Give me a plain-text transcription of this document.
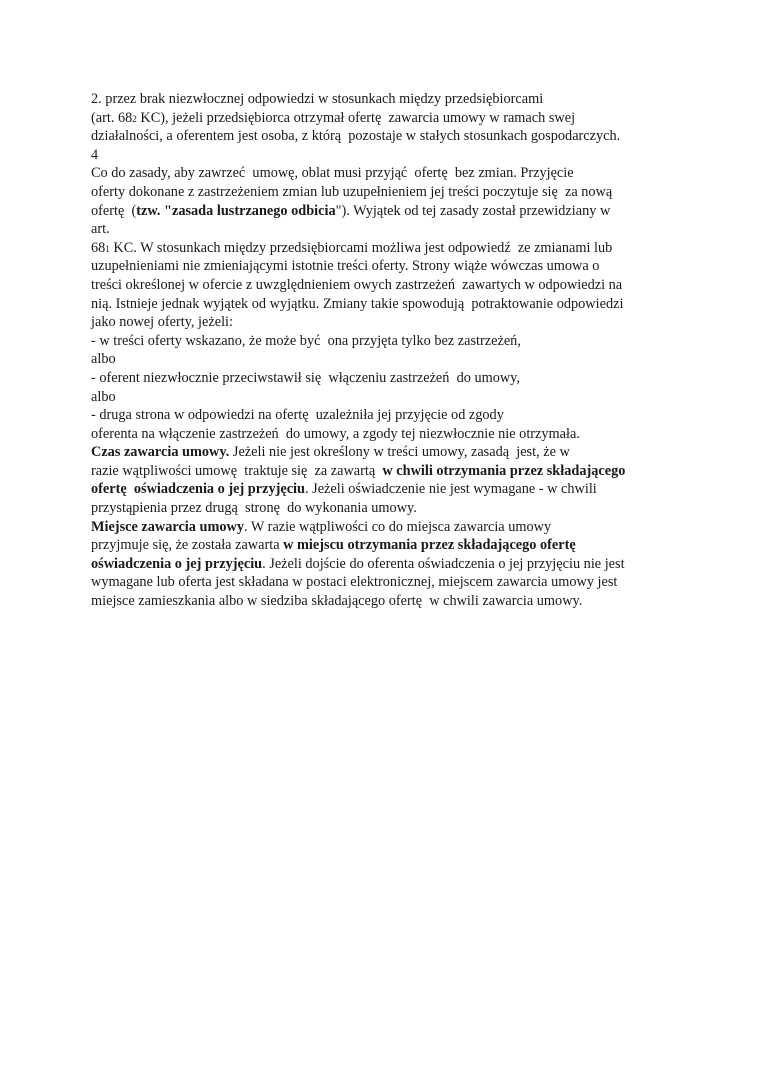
2. przez brak niezwłocznej odpowiedzi w stosunkach między przedsiębiorcami
(art. 682 KC), jeżeli przedsiębiorca otrzymał ofertę  zawarcia umowy w ramach swej
działalności, a oferentem jest osoba, z którą  pozostaje w stałych stosunkach gospodarczych.
4
Co do zasady, aby zawrzeć  umowę, oblat musi przyjąć  ofertę  bez zmian. Przyjęcie
oferty dokonane z zastrzeżeniem zmian lub uzupełnieniem jej treści poczytuje się  za nową
ofertę  (tzw. "zasada lustrzanego odbicia"). Wyjątek od tej zasady został przewidziany w
art.
681 KC. W stosunkach między przedsiębiorcami możliwa jest odpowiedź  ze zmianami lub
uzupełnieniami nie zmieniającymi istotnie treści oferty. Strony wiąże wówczas umowa o
treści określonej w ofercie z uwzględnieniem owych zastrzeżeń  zawartych w odpowiedzi na
nią. Istnieje jednak wyjątek od wyjątku. Zmiany takie spowodują  potraktowanie odpowiedzi
jako nowej oferty, jeżeli:
- w treści oferty wskazano, że może być  ona przyjęta tylko bez zastrzeżeń,
albo
- oferent niezwłocznie przeciwstawił się  włączeniu zastrzeżeń  do umowy,
albo
- druga strona w odpowiedzi na ofertę  uzależniła jej przyjęcie od zgody
oferenta na włączenie zastrzeżeń  do umowy, a zgody tej niezwłocznie nie otrzymała.
Czas zawarcia umowy. Jeżeli nie jest określony w treści umowy, zasadą  jest, że w
razie wątpliwości umowę  traktuje się  za zawartą  w chwili otrzymania przez składającego
ofertę  oświadczenia o jej przyjęciu. Jeżeli oświadczenie nie jest wymagane - w chwili
przystąpienia przez drugą  stronę  do wykonania umowy.
Miejsce zawarcia umowy. W razie wątpliwości co do miejsca zawarcia umowy
przyjmuje się, że została zawarta w miejscu otrzymania przez składającego ofertę
oświadczenia o jej przyjęciu. Jeżeli dojście do oferenta oświadczenia o jej przyjęciu nie jest
wymagane lub oferta jest składana w postaci elektronicznej, miejscem zawarcia umowy jest
miejsce zamieszkania albo w siedziba składającego ofertę  w chwili zawarcia umowy.
